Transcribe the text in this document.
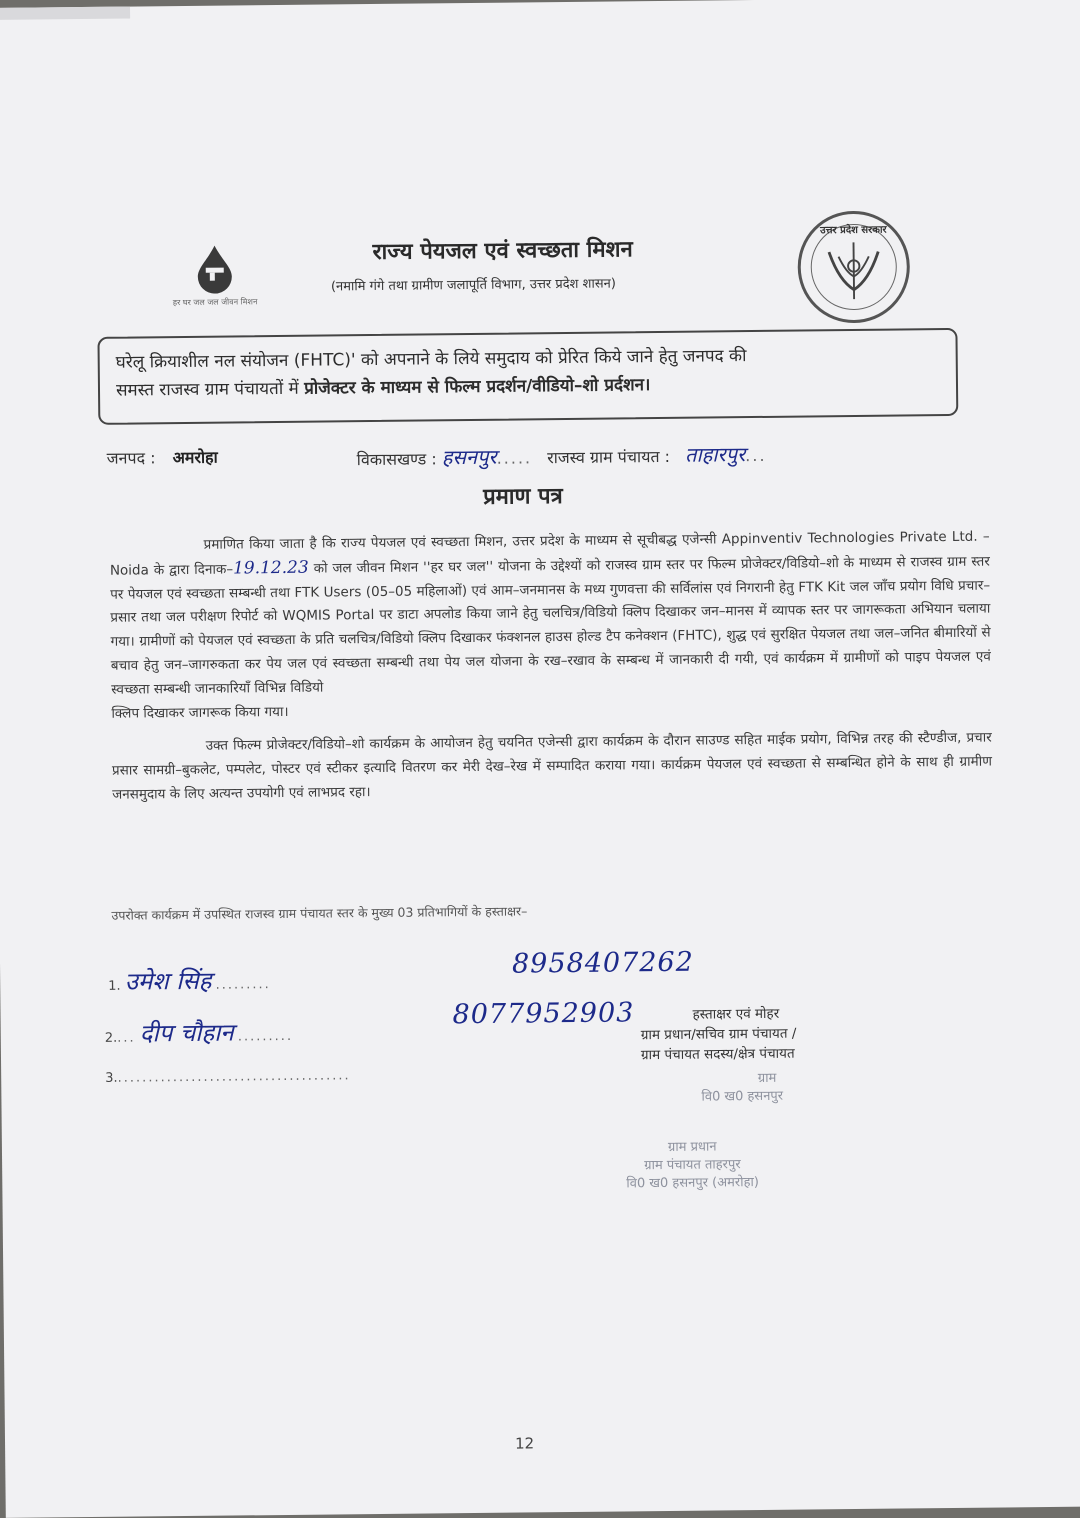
हर घर जल जल जीवन मिशन
राज्य पेयजल एवं स्वच्छता मिशन
(नमामि गंगे तथा ग्रामीण जलापूर्ति विभाग, उत्तर प्रदेश शासन)
उत्तर प्रदेश सरकार
घरेलू क्रियाशील नल संयोजन (FHTC)' को अपनाने के लिये समुदाय को प्रेरित किये जाने हेतु जनपद की
समस्त राजस्व ग्राम पंचायतों में प्रोजेक्टर के माध्यम से फिल्म प्रदर्शन/वीडियो–शो प्रर्दशन।
जनपद : अमरोहा	विकासखण्ड : हसनपुर..... राजस्व ग्राम पंचायत : ताहारपुर...
प्रमाण पत्र

प्रमाणित किया जाता है कि राज्य पेयजल एवं स्वच्छता मिशन, उत्तर प्रदेश के माध्यम से सूचीबद्ध एजेन्सी Appinventiv Technologies Private Ltd. – Noida के द्वारा दिनाक–19.12.23 को जल जीवन मिशन ''हर घर जल'' योजना के उद्देश्यों को राजस्व ग्राम स्तर पर फिल्म प्रोजेक्टर/विडियो–शो के माध्यम से राजस्व ग्राम स्तर पर पेयजल एवं स्वच्छता सम्बन्धी तथा FTK Users (05–05 महिलाओं) एवं आम–जनमानस के मध्य गुणवत्ता की सर्विलांस एवं निगरानी हेतु FTK Kit जल जाँच प्रयोग विधि प्रचार–प्रसार तथा जल परीक्षण रिपोर्ट को WQMIS Portal पर डाटा अपलोड किया जाने हेतु चलचित्र/विडियो क्लिप दिखाकर जन–मानस में व्यापक स्तर पर जागरूकता अभियान चलाया गया। ग्रामीणों को पेयजल एवं स्वच्छता के प्रति चलचित्र/विडियो क्लिप दिखाकर फंक्शनल हाउस होल्ड टैप कनेक्शन (FHTC), शुद्ध एवं सुरक्षित पेयजल तथा जल–जनित बीमारियों से बचाव हेतु जन–जागरुकता कर पेय जल एवं स्वच्छता सम्बन्धी तथा पेय जल योजना के रख–रखाव के सम्बन्ध में जानकारी दी गयी, एवं कार्यक्रम में ग्रामीणों को पाइप पेयजल एवं स्वच्छता सम्बन्धी जानकारियाँ विभिन्न विडियो

क्लिप दिखाकर जागरूक किया गया।

उक्त फिल्म प्रोजेक्टर/विडियो–शो कार्यक्रम के आयोजन हेतु चयनित एजेन्सी द्वारा कार्यक्रम के दौरान साउण्ड सहित माईक प्रयोग, विभिन्न तरह की स्टैण्डीज, प्रचार प्रसार सामग्री–बुकलेट, पम्पलेट, पोस्टर एवं स्टीकर इत्यादि वितरण कर मेरी देख–रेख में सम्पादित कराया गया। कार्यक्रम पेयजल एवं स्वच्छता से सम्बन्धित होने के साथ ही ग्रामीण जनसमुदाय के लिए अत्यन्त उपयोगी एवं लाभप्रद रहा।

उपरोक्त कार्यक्रम में उपस्थित राजस्व ग्राम पंचायत स्तर के मुख्य 03 प्रतिभागियों के हस्ताक्षर–
1. उमेश सिंह .........
2.... दीप चौहान .........
3.......................................
8958407262
8077952903	हस्ताक्षर एवं मोहर
ग्राम प्रधान/सचिव ग्राम पंचायत /
ग्राम पंचायत सदस्य/क्षेत्र पंचायत
ग्राम
वि0 ख0 हसनपुर
ग्राम प्रधान
ग्राम पंचायत ताहरपुर
वि0 ख0 हसनपुर (अमरोहा)
12
